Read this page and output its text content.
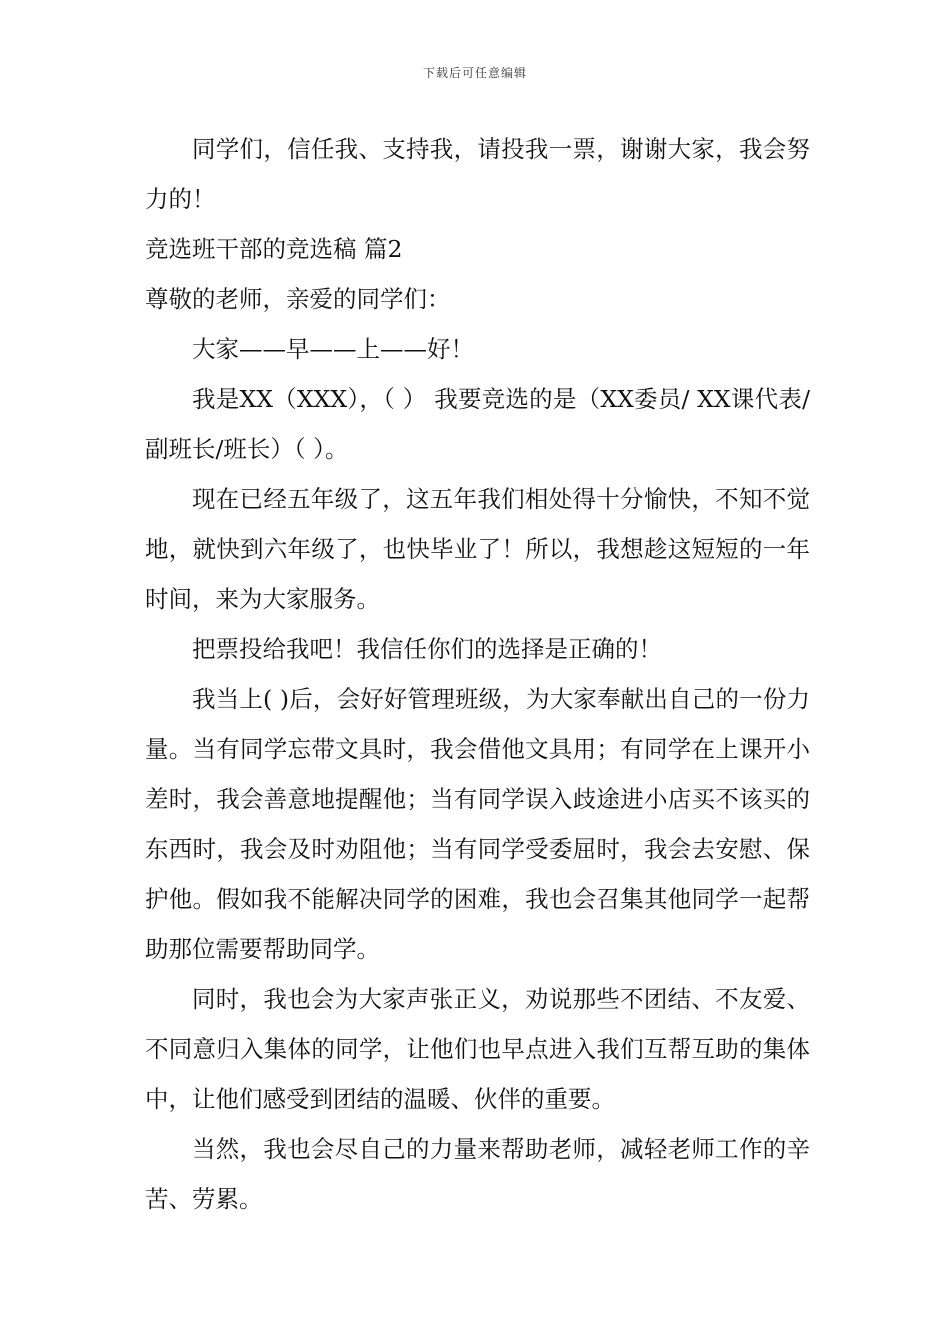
下载后可任意编辑

同学们，信任我、支持我，请投我一票，谢谢大家，我会努力的！

竞选班干部的竞选稿 篇2

尊敬的老师，亲爱的同学们：

大家——早——上——好！

我是XX（XXX），（ ） 我要竞选的是（XX委员/ XX课代表/副班长/班长）（ ）。

现在已经五年级了，这五年我们相处得十分愉快，不知不觉地，就快到六年级了，也快毕业了！所以，我想趁这短短的一年时间，来为大家服务。

把票投给我吧！我信任你们的选择是正确的！

我当上( )后，会好好管理班级，为大家奉献出自己的一份力量。当有同学忘带文具时，我会借他文具用；有同学在上课开小差时，我会善意地提醒他；当有同学误入歧途进小店买不该买的东西时，我会及时劝阻他；当有同学受委屈时，我会去安慰、保护他。假如我不能解决同学的困难，我也会召集其他同学一起帮助那位需要帮助同学。

同时，我也会为大家声张正义，劝说那些不团结、不友爱、不同意归入集体的同学，让他们也早点进入我们互帮互助的集体中，让他们感受到团结的温暖、伙伴的重要。

当然，我也会尽自己的力量来帮助老师，减轻老师工作的辛苦、劳累。
